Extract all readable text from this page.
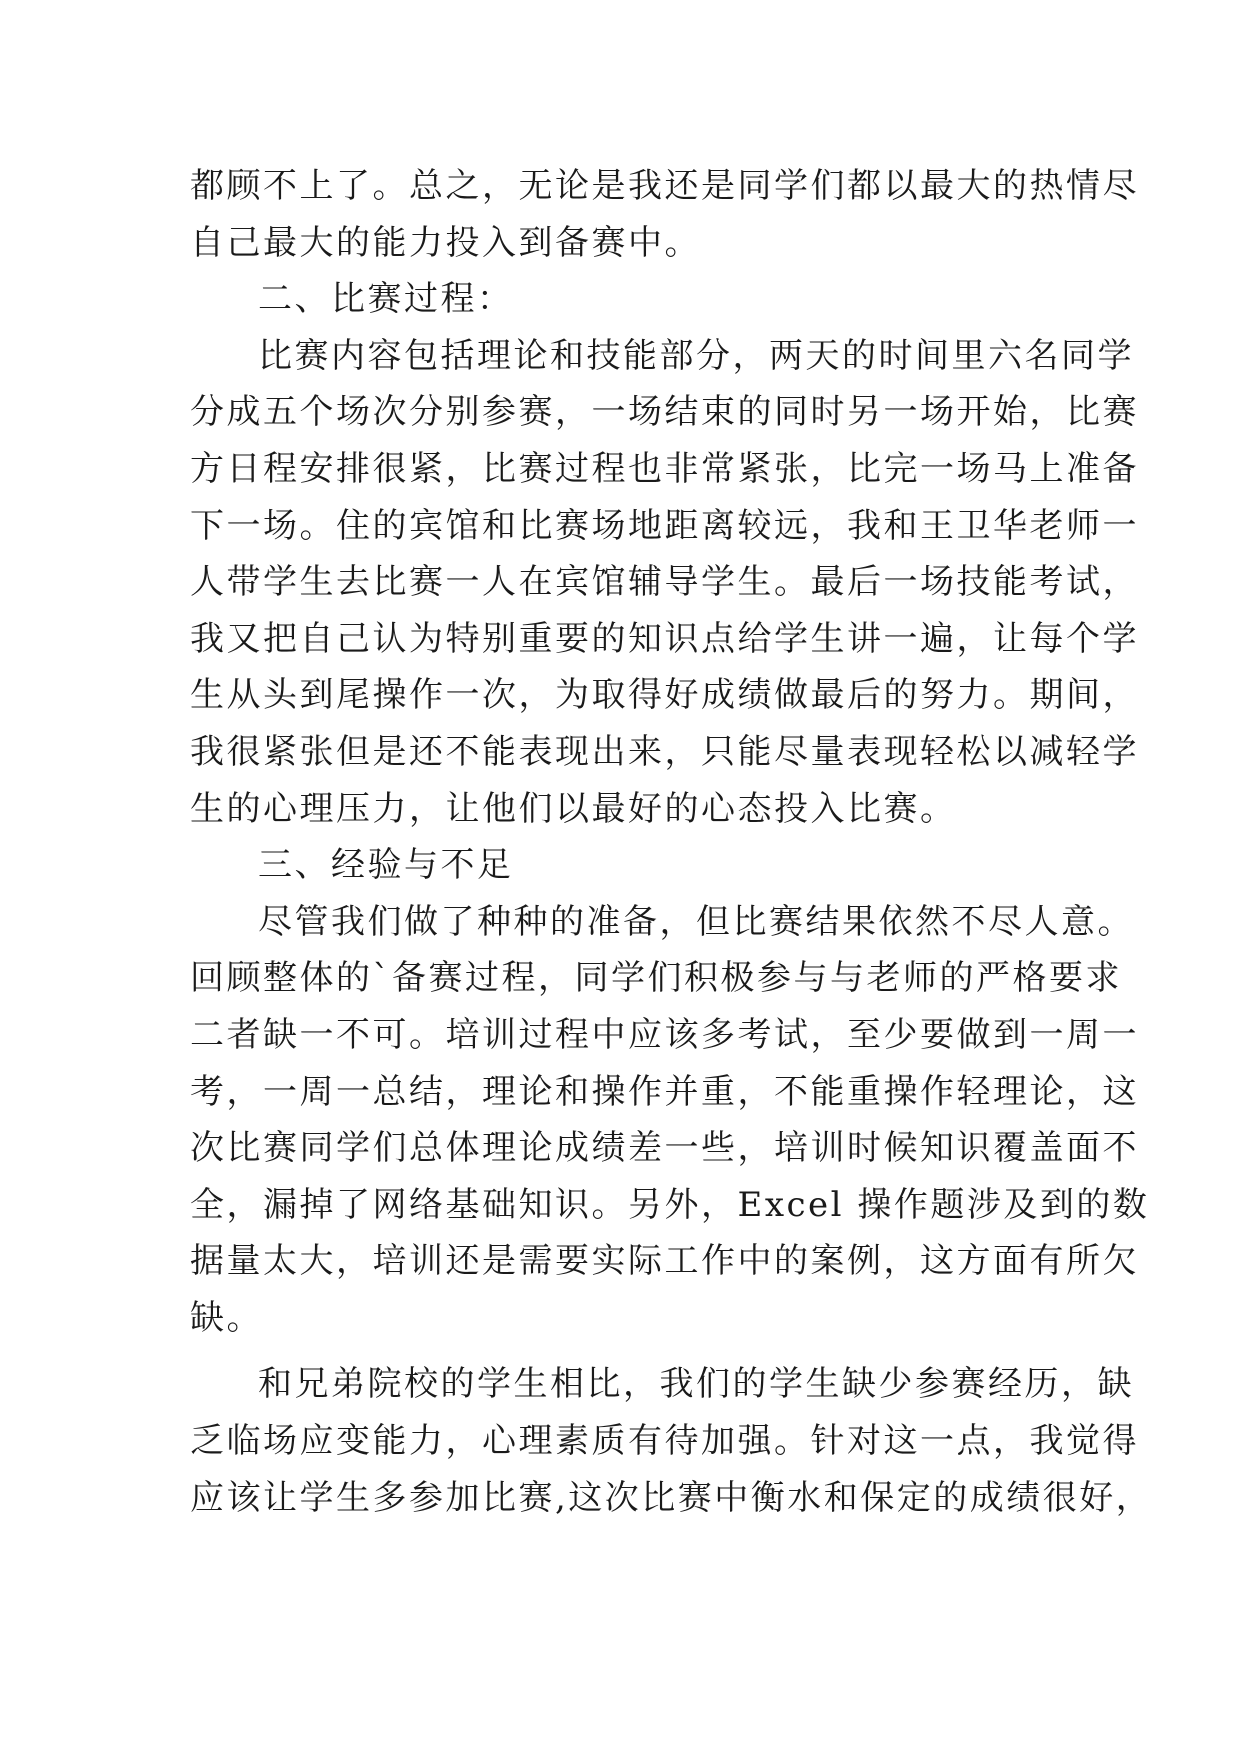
都顾不上了。总之，无论是我还是同学们都以最大的热情尽
自己最大的能力投入到备赛中。
二、比赛过程：
比赛内容包括理论和技能部分，两天的时间里六名同学
分成五个场次分别参赛，一场结束的同时另一场开始，比赛
方日程安排很紧，比赛过程也非常紧张，比完一场马上准备
下一场。住的宾馆和比赛场地距离较远，我和王卫华老师一
人带学生去比赛一人在宾馆辅导学生。最后一场技能考试，
我又把自己认为特别重要的知识点给学生讲一遍，让每个学
生从头到尾操作一次，为取得好成绩做最后的努力。期间，
我很紧张但是还不能表现出来，只能尽量表现轻松以减轻学
生的心理压力，让他们以最好的心态投入比赛。
三、经验与不足
尽管我们做了种种的准备，但比赛结果依然不尽人意。
回顾整体的`备赛过程，同学们积极参与与老师的严格要求
二者缺一不可。培训过程中应该多考试，至少要做到一周一
考，一周一总结，理论和操作并重，不能重操作轻理论，这
次比赛同学们总体理论成绩差一些，培训时候知识覆盖面不
全，漏掉了网络基础知识。另外，Excel 操作题涉及到的数
据量太大，培训还是需要实际工作中的案例，这方面有所欠
缺。
和兄弟院校的学生相比，我们的学生缺少参赛经历，缺
乏临场应变能力，心理素质有待加强。针对这一点，我觉得
应该让学生多参加比赛,这次比赛中衡水和保定的成绩很好，
